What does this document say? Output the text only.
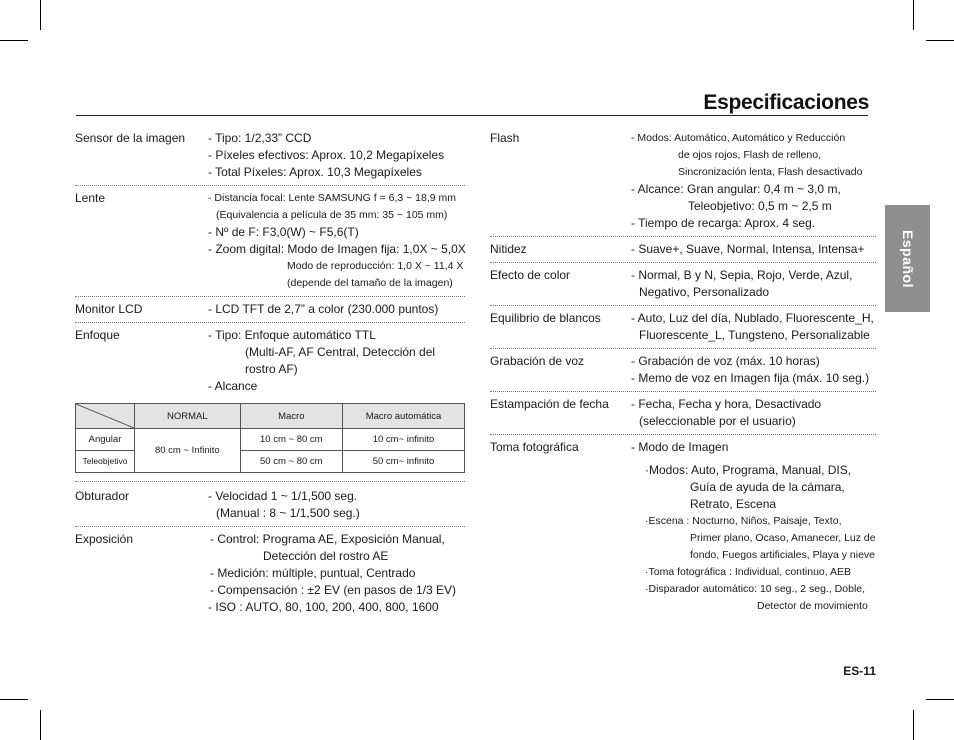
Especificaciones
Español
Sensor de la imagen	- Tipo: 1/2,33” CCD
- Píxeles efectivos: Aprox. 10,2 Megapíxeles
- Total Píxeles: Aprox. 10,3 Megapíxeles
Lente	- Distancia focal: Lente SAMSUNG f = 6,3 ~ 18,9 mm
(Equivalencia a película de 35 mm: 35 ~ 105 mm)
- Nº de F: F3,0(W) ~ F5,6(T)
- Zoom digital: Modo de Imagen fija: 1,0X ~ 5,0X
Modo de reproducción: 1,0 X ~ 11,4 X
(depende del tamaño de la imagen)
Monitor LCD	- LCD TFT de 2,7” a color (230.000 puntos)
Enfoque	- Tipo: Enfoque automático TTL
(Multi-AF, AF Central, Detección del
rostro AF)
- Alcance
	NORMAL	Macro	Macro automática
Angular	80 cm ~ Infinito	10 cm ~ 80 cm	10 cm~ infinito
Teleobjetivo		50 cm ~ 80 cm	50 cm~ infinito
Obturador	- Velocidad 1 ~ 1/1,500 seg.
(Manual : 8 ~ 1/1,500 seg.)
Exposición	- Control: Programa AE, Exposición Manual,
Detección del rostro AE
- Medición: múltiple, puntual, Centrado
- Compensación : ±2 EV (en pasos de 1/3 EV)
- ISO : AUTO, 80, 100, 200, 400, 800, 1600
Flash	- Modos: Automático, Automático y Reducción
de ojos rojos, Flash de relleno,
Sincronización lenta, Flash desactivado
- Alcance: Gran angular: 0,4 m ~ 3,0 m,
Teleobjetivo: 0,5 m ~ 2,5 m
- Tiempo de recarga: Aprox. 4 seg.
Nitidez	- Suave+, Suave, Normal, Intensa, Intensa+
Efecto de color	- Normal, B y N, Sepia, Rojo, Verde, Azul,
Negativo, Personalizado
Equilibrio de blancos	- Auto, Luz del día, Nublado, Fluorescente_H,
Fluorescente_L, Tungsteno, Personalizable
Grabación de voz	- Grabación de voz (máx. 10 horas)
- Memo de voz en Imagen fija (máx. 10 seg.)
Estampación de fecha	- Fecha, Fecha y hora, Desactivado
(seleccionable por el usuario)
Toma fotográfica	- Modo de Imagen
·Modos: Auto, Programa, Manual, DIS,
Guía de ayuda de la cámara,
Retrato, Escena
·Escena : Nocturno, Niños, Paisaje, Texto,
Primer plano, Ocaso, Amanecer, Luz de
fondo, Fuegos artificiales, Playa y nieve
·Toma fotográfica : Individual, continuo, AEB
·Disparador automático: 10 seg., 2 seg., Doble,
Detector de movimiento
ES-11
